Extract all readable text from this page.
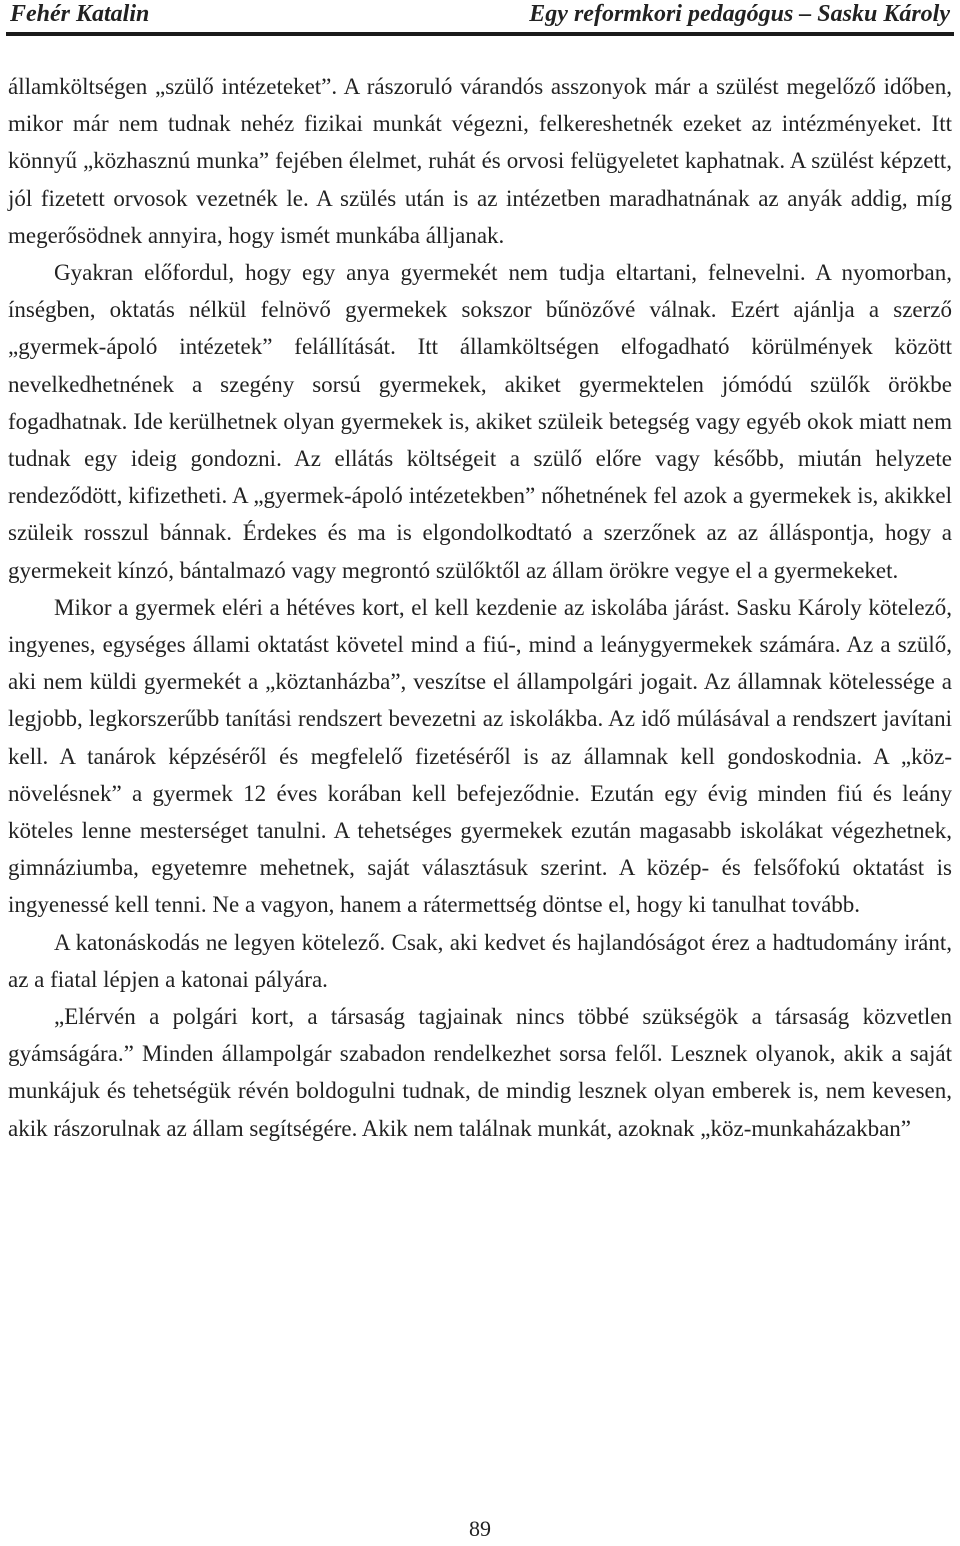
Fehér Katalin	Egy reformkori pedagógus – Sasku Károly

államköltségen „szülő intézeteket”. A rászoruló várandós asszonyok már a szülést megelőző időben, mikor már nem tudnak nehéz fizikai munkát végezni, felkereshetnék ezeket az intézményeket. Itt könnyű „közhasznú munka” fejében élelmet, ruhát és orvosi felügyeletet kaphatnak. A szülést képzett, jól fizetett orvosok vezetnék le. A szülés után is az intézetben maradhatnának az anyák addig, míg megerősödnek annyira, hogy ismét munkába álljanak.

Gyakran előfordul, hogy egy anya gyermekét nem tudja eltartani, felnevelni. A nyomorban, ínségben, oktatás nélkül felnövő gyermekek sokszor bűnözővé válnak. Ezért ajánlja a szerző „gyermek-ápoló intézetek” felállítását. Itt államköltségen elfogadható körülmények között nevelkedhetnének a szegény sorsú gyermekek, akiket gyermektelen jómódú szülők örökbe fogadhatnak. Ide kerülhetnek olyan gyermekek is, akiket szüleik betegség vagy egyéb okok miatt nem tudnak egy ideig gondozni. Az ellátás költségeit a szülő előre vagy később, miután helyzete rendeződött, kifizetheti. A „gyermek-ápoló intézetekben” nőhetnének fel azok a gyermekek is, akikkel szüleik rosszul bánnak. Érdekes és ma is elgondolkodtató a szerzőnek az az álláspontja, hogy a gyermekeit kínzó, bántalmazó vagy megrontó szülőktől az állam örökre vegye el a gyermekeket.

Mikor a gyermek eléri a hétéves kort, el kell kezdenie az iskolába járást. Sasku Károly kötelező, ingyenes, egységes állami oktatást követel mind a fiú-, mind a leánygyermekek számára. Az a szülő, aki nem küldi gyermekét a „köztanházba”, veszítse el állampolgári jogait. Az államnak kötelessége a legjobb, legkorszerűbb tanítási rendszert bevezetni az iskolákba. Az idő múlásával a rendszert javítani kell. A tanárok képzéséről és megfelelő fizetéséről is az államnak kell gondoskodnia. A „köz-növelésnek” a gyermek 12 éves korában kell befejeződnie. Ezután egy évig minden fiú és leány köteles lenne mesterséget tanulni. A tehetséges gyermekek ezután magasabb iskolákat végezhetnek, gimnáziumba, egyetemre mehetnek, saját választásuk szerint. A közép- és felsőfokú oktatást is ingyenessé kell tenni. Ne a vagyon, hanem a rátermettség döntse el, hogy ki tanulhat tovább.

A katonáskodás ne legyen kötelező. Csak, aki kedvet és hajlandóságot érez a hadtudomány iránt, az a fiatal lépjen a katonai pályára.

„Elérvén a polgári kort, a társaság tagjainak nincs többé szükségök a társaság közvetlen gyámságára.” Minden állampolgár szabadon rendelkezhet sorsa felől. Lesznek olyanok, akik a saját munkájuk és tehetségük révén boldogulni tudnak, de mindig lesznek olyan emberek is, nem kevesen, akik rászorulnak az állam segítségére. Akik nem találnak munkát, azoknak „köz-munkaházakban”

89
